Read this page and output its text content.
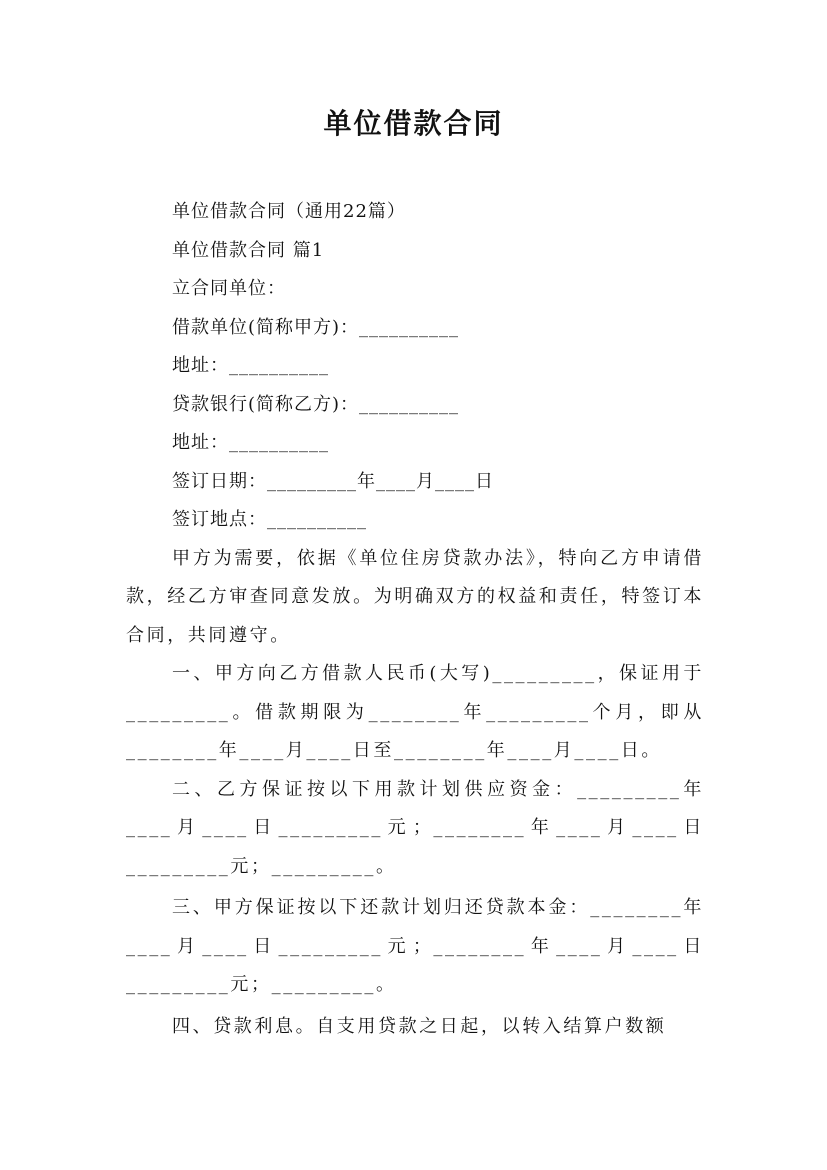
单位借款合同

单位借款合同（通用22篇）

单位借款合同 篇1

立合同单位：

借款单位(简称甲方)：__________

地址：__________

贷款银行(简称乙方)：__________

地址：__________

签订日期：_________年____月____日

签订地点：__________

甲方为需要，依据《单位住房贷款办法》，特向乙方申请借款，经乙方审查同意发放。为明确双方的权益和责任，特签订本合同，共同遵守。

一、甲方向乙方借款人民币(大写)_________，保证用于_________。借款期限为________年_________个月，即从________年____月____日至________年____月____日。

二、乙方保证按以下用款计划供应资金：_________年____月____日_________元；________年____月____日_________元；_________。

三、甲方保证按以下还款计划归还贷款本金：________年____月____日_________元；________年____月____日_________元；_________。

四、贷款利息。自支用贷款之日起，以转入结算户数额
